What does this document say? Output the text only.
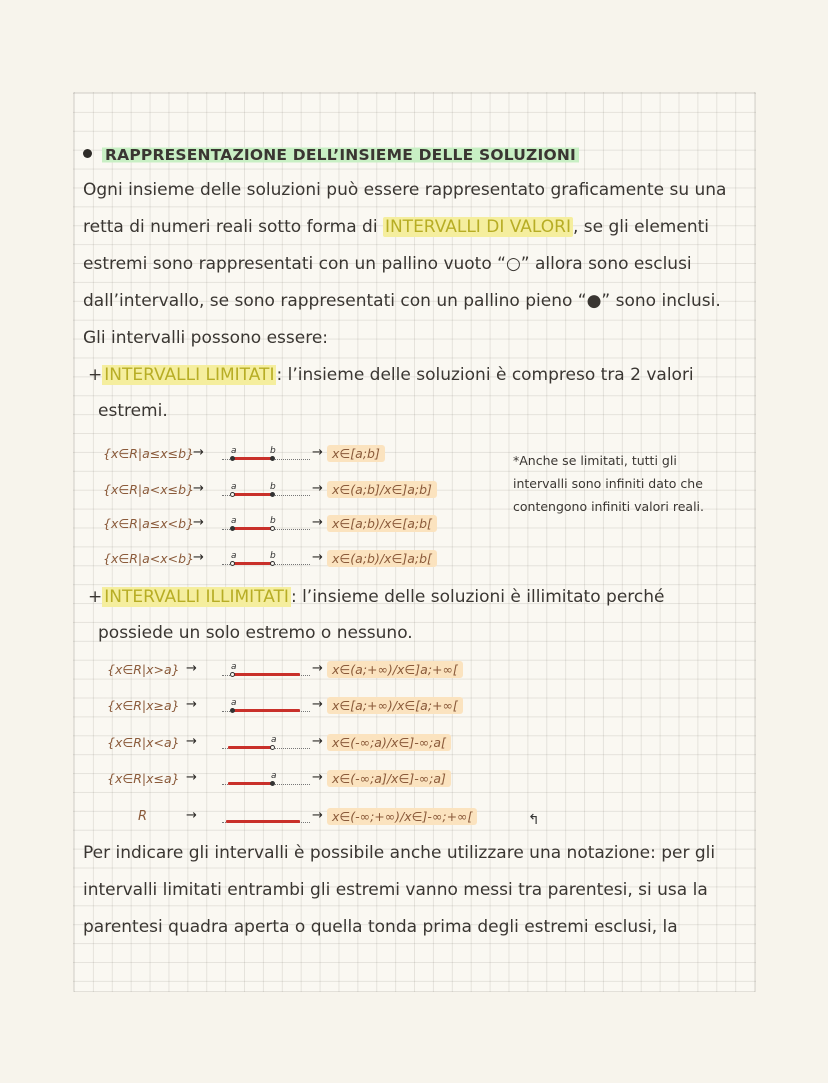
RAPPRESENTAZIONE DELL’INSIEME DELLE SOLUZIONI
Ogni insieme delle soluzioni può essere rappresentato graficamente su una
retta di numeri reali sotto forma di INTERVALLI DI VALORI , se gli elementi
estremi sono rappresentati con un pallino vuoto “○” allora sono esclusi
dall’intervallo, se sono rappresentati con un pallino pieno “●” sono inclusi.
Gli intervalli possono essere:
+ INTERVALLI LIMITATI : l’insieme delle soluzioni è compreso tra 2 valori
estremi.
{x∈R|a≤x≤b}
→	a	b	→ x∈[a;b]
{x∈R|a<x≤b}
→	a	b	→ x∈(a;b]/x∈]a;b]
{x∈R|a≤x<b}
→	a	b	→ x∈[a;b)/x∈[a;b[
{x∈R|a<x<b}
→	a	b	→ x∈(a;b)/x∈]a;b[
*Anche se limitati, tutti gli
intervalli sono infiniti dato che
contengono infiniti valori reali.
+ INTERVALLI ILLIMITATI : l’insieme delle soluzioni è illimitato perché
possiede un solo estremo o nessuno.
{x∈R|x>a} →	a	→ x∈(a;+∞)/x∈]a;+∞[
{x∈R|x≥a} →	a	→ x∈[a;+∞)/x∈[a;+∞[
{x∈R|x<a} →	a	→ x∈(-∞;a)/x∈]-∞;a[
{x∈R|x≤a} →	a	→ x∈(-∞;a]/x∈]-∞;a]
R	→	→ x∈(-∞;+∞)/x∈]-∞;+∞[	↰
Per indicare gli intervalli è possibile anche utilizzare una notazione: per gli
intervalli limitati entrambi gli estremi vanno messi tra parentesi, si usa la
parentesi quadra aperta o quella tonda prima degli estremi esclusi, la
